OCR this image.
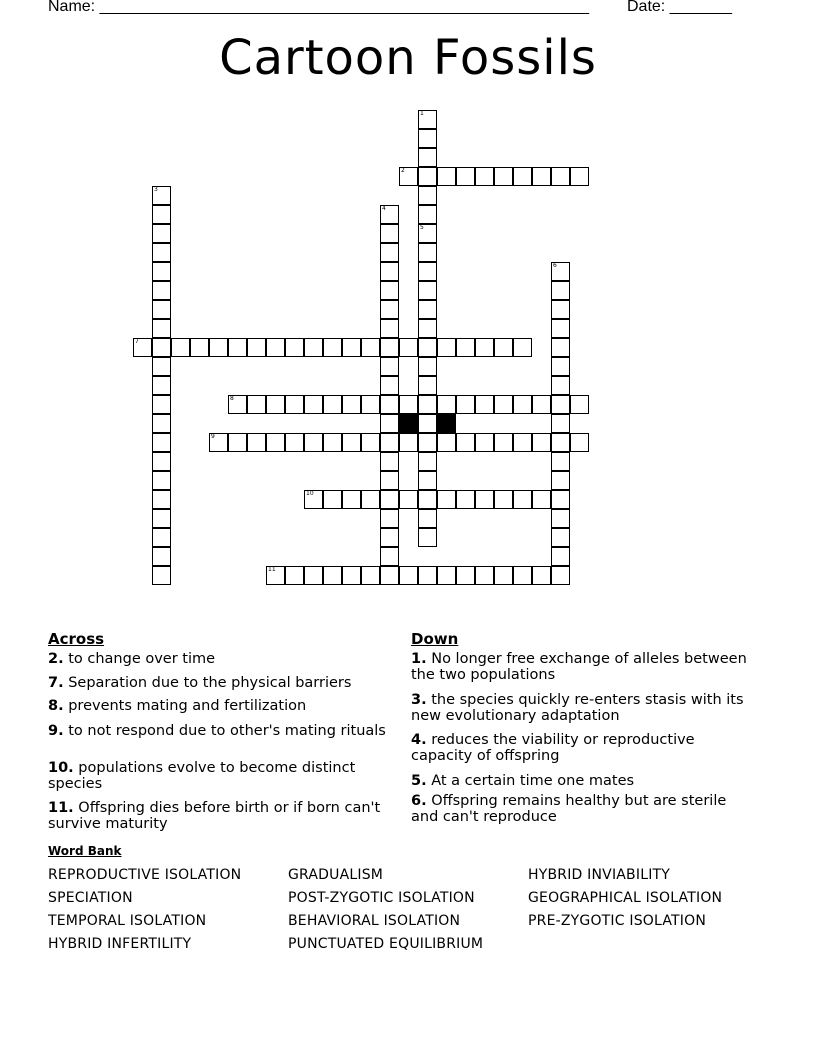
Name: _______________________________________________________ Date: _______
Cartoon Fossils
1
5
2
3
4
6
7
8
9
10
11
Across
2. to change over time
7. Separation due to the physical barriers
8. prevents mating and fertilization
9. to not respond due to other's mating rituals
10. populations evolve to become distinct species
11. Offspring dies before birth or if born can't survive maturity
Down
1. No longer free exchange of alleles between the two populations
3. the species quickly re-enters stasis with its new evolutionary adaptation
4. reduces the viability or reproductive capacity of offspring
5. At a certain time one mates
6. Offspring remains healthy but are sterile and can't reproduce
Word Bank
REPRODUCTIVE ISOLATION	GRADUALISM	HYBRID INVIABILITY
SPECIATION	POST-ZYGOTIC ISOLATION	GEOGRAPHICAL ISOLATION
TEMPORAL ISOLATION	BEHAVIORAL ISOLATION	PRE-ZYGOTIC ISOLATION
HYBRID INFERTILITY	PUNCTUATED EQUILIBRIUM
